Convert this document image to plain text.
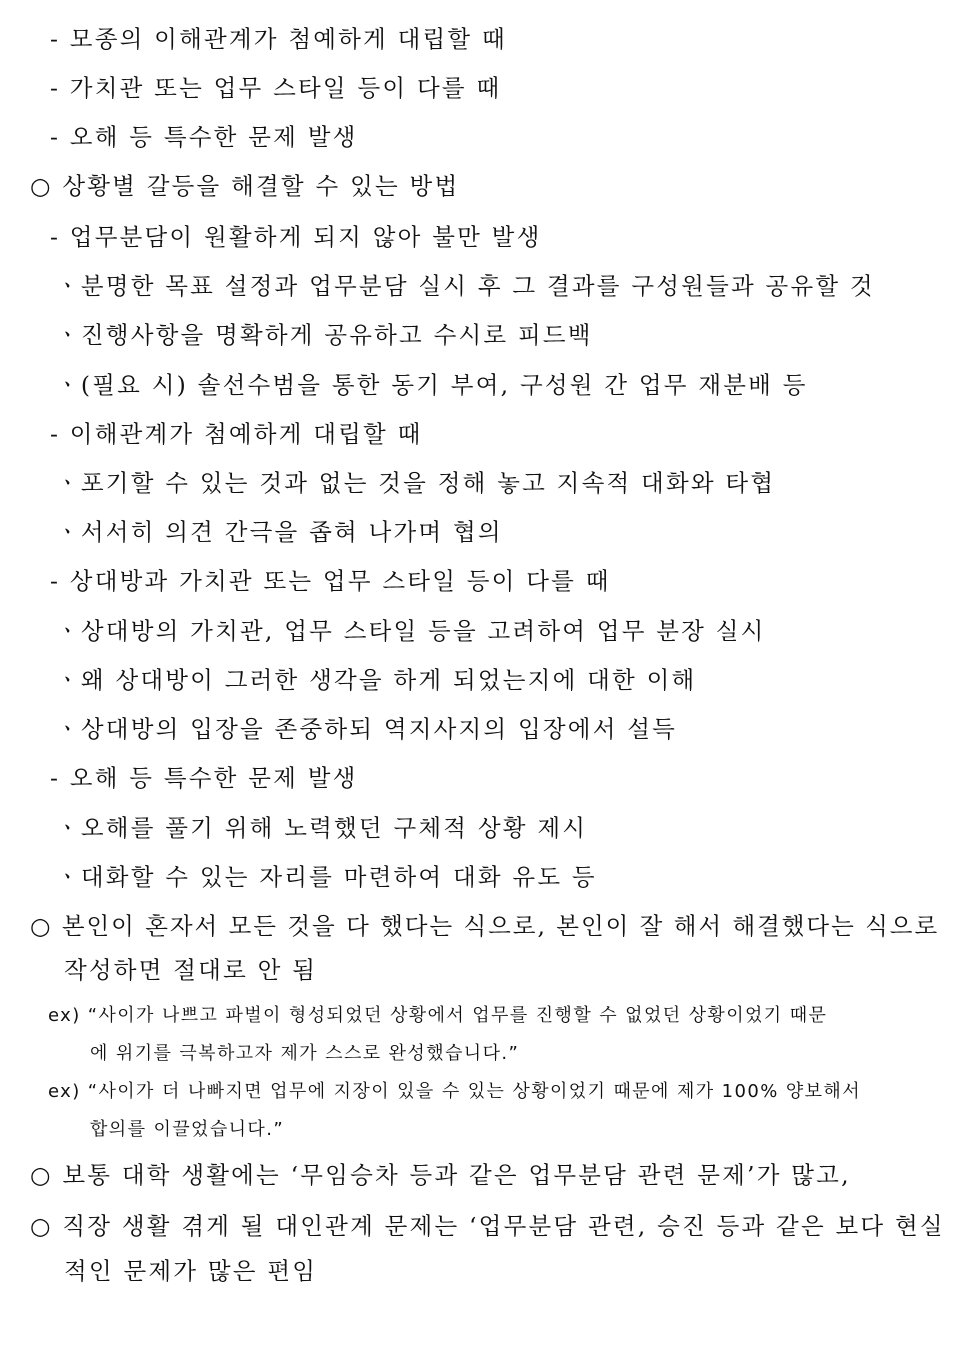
- 모종의 이해관계가 첨예하게 대립할 때
- 가치관 또는 업무 스타일 등이 다를 때
- 오해 등 특수한 문제 발생
○ 상황별 갈등을 해결할 수 있는 방법
- 업무분담이 원활하게 되지 않아 불만 발생
ㆍ분명한 목표 설정과 업무분담 실시 후 그 결과를 구성원들과 공유할 것
ㆍ진행사항을 명확하게 공유하고 수시로 피드백
ㆍ(필요 시) 솔선수범을 통한 동기 부여, 구성원 간 업무 재분배 등
- 이해관계가 첨예하게 대립할 때
ㆍ포기할 수 있는 것과 없는 것을 정해 놓고 지속적 대화와 타협
ㆍ서서히 의견 간극을 좁혀 나가며 협의
- 상대방과 가치관 또는 업무 스타일 등이 다를 때
ㆍ상대방의 가치관, 업무 스타일 등을 고려하여 업무 분장 실시
ㆍ왜 상대방이 그러한 생각을 하게 되었는지에 대한 이해
ㆍ상대방의 입장을 존중하되 역지사지의 입장에서 설득
- 오해 등 특수한 문제 발생
ㆍ오해를 풀기 위해 노력했던 구체적 상황 제시
ㆍ대화할 수 있는 자리를 마련하여 대화 유도 등
○ 본인이 혼자서 모든 것을 다 했다는 식으로, 본인이 잘 해서 해결했다는 식으로
작성하면 절대로 안 됨
ex) “사이가 나쁘고 파벌이 형성되었던 상황에서 업무를 진행할 수 없었던 상황이었기 때문
에 위기를 극복하고자 제가 스스로 완성했습니다.”
ex) “사이가 더 나빠지면 업무에 지장이 있을 수 있는 상황이었기 때문에 제가 100% 양보해서
합의를 이끌었습니다.”
○ 보통 대학 생활에는 ‘무임승차 등과 같은 업무분담 관련 문제’가 많고,
○ 직장 생활 겪게 될 대인관계 문제는 ‘업무분담 관련, 승진 등과 같은 보다 현실
적인 문제가 많은 편임
